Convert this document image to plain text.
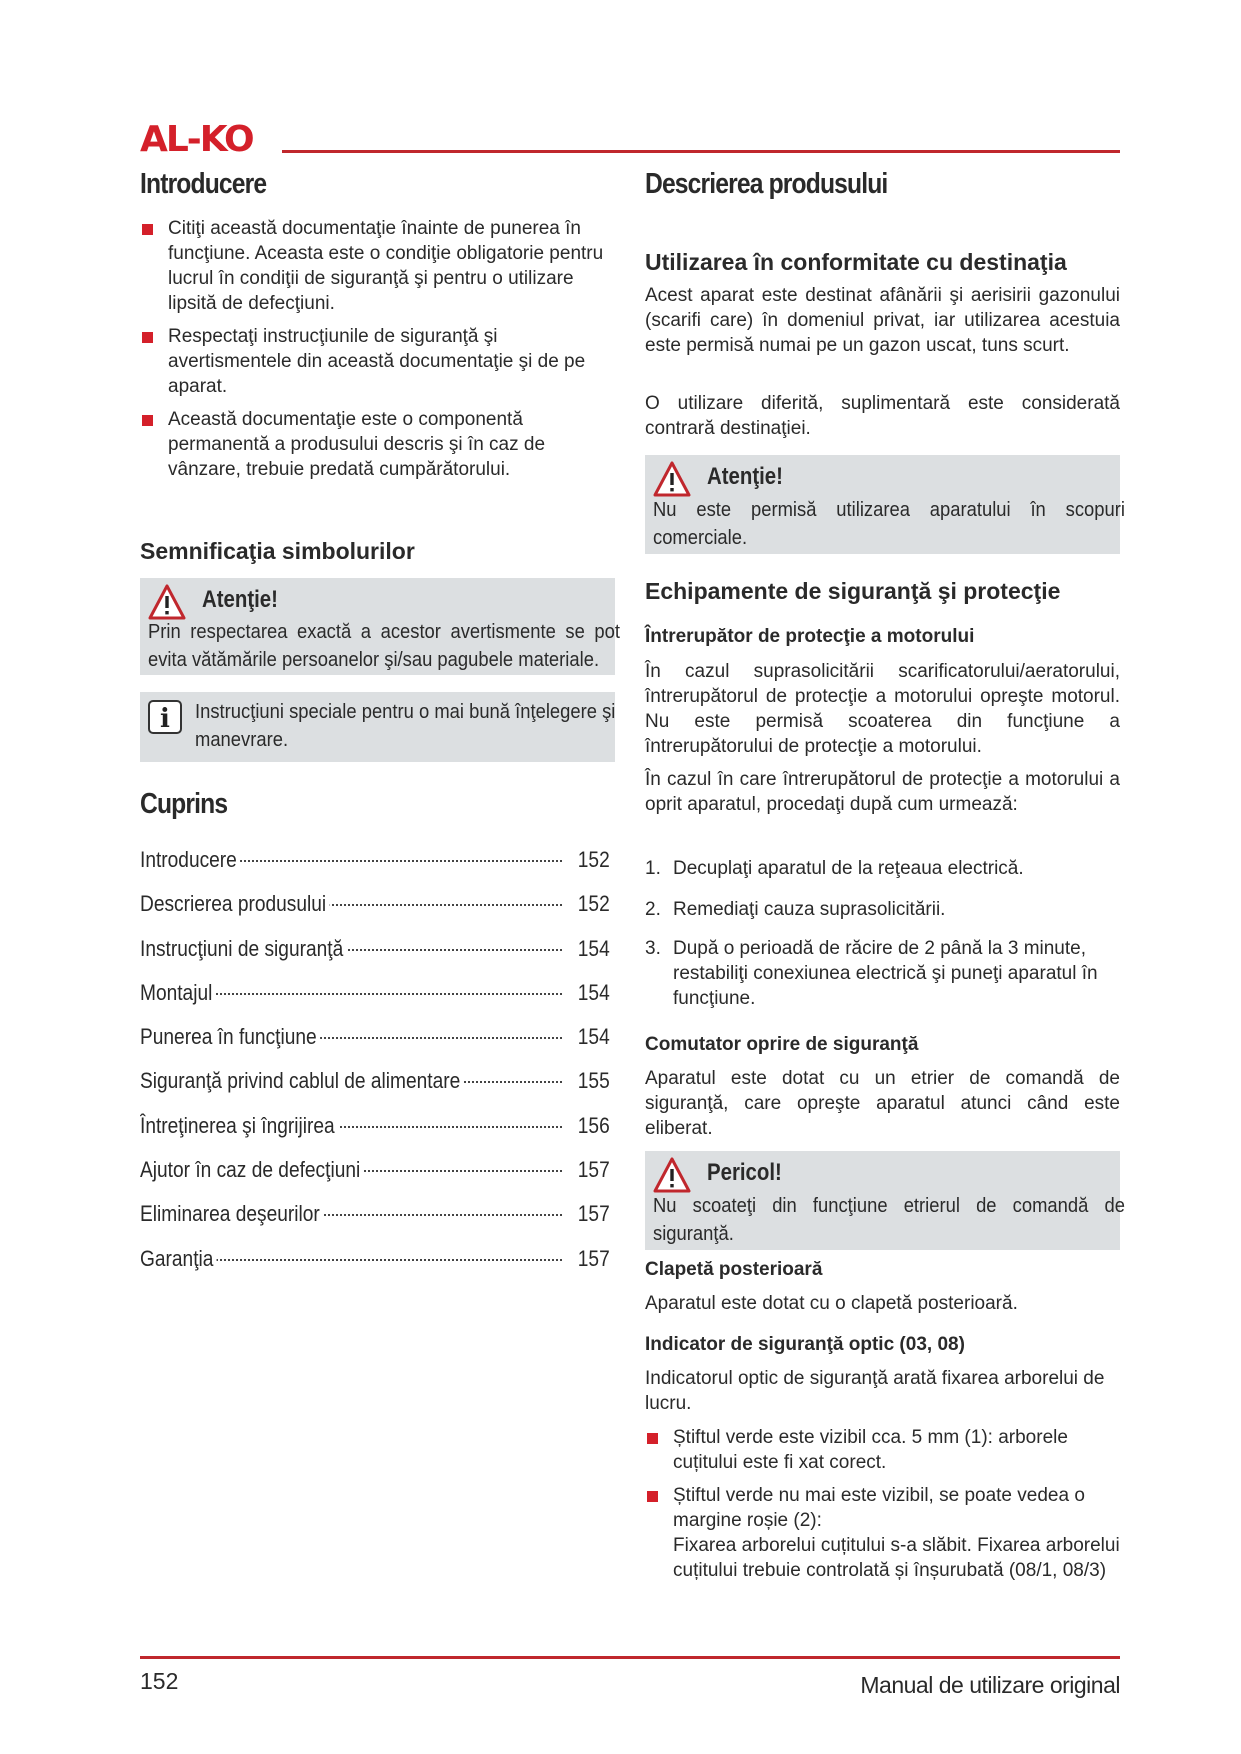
AL-KO
Introducere
Citiţi această documentaţie înainte de punerea în funcţiune. Aceasta este o condiţie obligatorie pentru lucrul în condiţii de siguranţă şi pentru o utilizare lipsită de defecţiuni.
Respectaţi instrucţiunile de siguranţă şi avertismentele din această documentaţie şi de pe aparat.
Această documentaţie este o componentă permanentă a produsului descris şi în caz de vânzare, trebuie predată cumpărătorului.
Semnificaţia simbolurilor
Atenţie!
Prin respectarea exactă a acestor avertismente se pot evita vătămările persoanelor şi/sau pagubele materiale.
i	Instrucţiuni speciale pentru o mai bună înţelegere şi manevrare.
Cuprins
Introducere	152
Descrierea produsului	152
Instrucţiuni de siguranţă	154
Montajul	154
Punerea în funcţiune	154
Siguranţă privind cablul de alimentare	155
Întreţinerea şi îngrijirea	156
Ajutor în caz de defecţiuni	157
Eliminarea deşeurilor	157
Garanţia	157
Descrierea produsului
Utilizarea în conformitate cu destinaţia
Acest aparat este destinat afânării şi aerisirii gazonului (scarifi care) în domeniul privat, iar utilizarea acestuia este permisă numai pe un gazon uscat, tuns scurt.
O utilizare diferită, suplimentară este considerată contrară destinaţiei.
Atenţie!
Nu este permisă utilizarea aparatului în scopuri comerciale.
Echipamente de siguranţă şi protecţie
Întrerupător de protecţie a motorului
În cazul suprasolicitării scarificatorului/aeratorului, întrerupătorul de protecţie a motorului opreşte motorul. Nu este permisă scoaterea din funcţiune a întrerupătorului de protecţie a motorului.
În cazul în care întrerupătorul de protecţie a motorului a oprit aparatul, procedaţi după cum urmează:
1. Decuplaţi aparatul de la reţeaua electrică.
2. Remediaţi cauza suprasolicitării.
3. După o perioadă de răcire de 2 până la 3 minute, restabiliţi conexiunea electrică şi puneţi aparatul în funcţiune.
Comutator oprire de siguranţă
Aparatul este dotat cu un etrier de comandă de siguranţă, care opreşte aparatul atunci când este eliberat.
Pericol!
Nu scoateţi din funcţiune etrierul de comandă de siguranţă.
Clapetă posterioară
Aparatul este dotat cu o clapetă posterioară.
Indicator de siguranţă optic (03, 08)
Indicatorul optic de siguranţă arată fixarea arborelui de lucru.
Știftul verde este vizibil cca. 5 mm (1): arborele cuțitului este fi xat corect.
Știftul verde nu mai este vizibil, se poate vedea o margine roșie (2):
Fixarea arborelui cuțitului s-a slăbit. Fixarea arborelui cuțitului trebuie controlată și înșurubată (08/1, 08/3)
152	Manual de utilizare original
